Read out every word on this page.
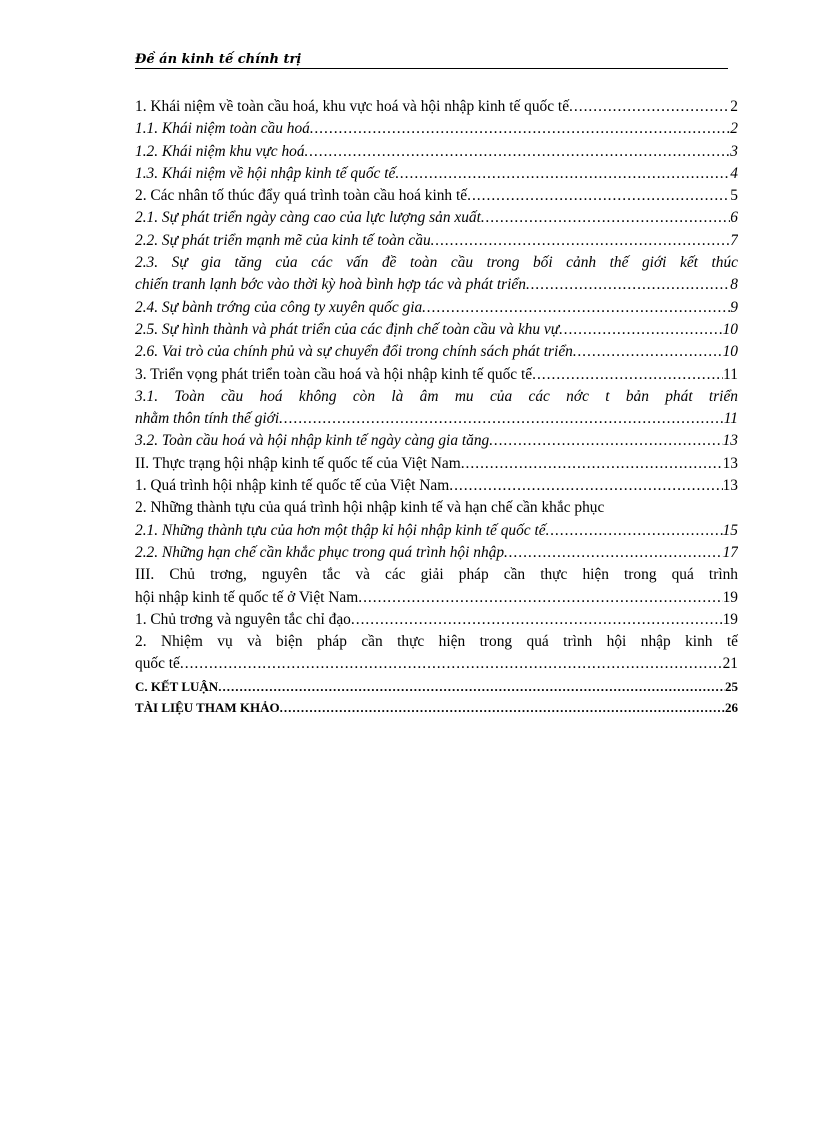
Đề án kinh tế chính trị
1. Khái niệm về toàn cầu hoá, khu vực hoá và hội nhập kinh tế quốc tế .....	2
1.1. Khái niệm toàn cầu hoá .....	2
1.2. Khái niệm khu vực hoá .....	3
1.3. Khái niệm về hội nhập kinh tế quốc tế .....	4
2. Các nhân tố thúc đẩy quá trình toàn cầu hoá kinh tế .....	5
2.1. Sự phát triển ngày càng cao của lực lượng sản xuất .....	6
2.2. Sự phát triển mạnh mẽ của kinh tế toàn cầu .....	7
2.3. Sự gia tăng của các vấn đề toàn cầu trong bối cảnh thế giới kết thúc
chiến tranh lạnh bớc vào thời kỳ hoà bình hợp tác và phát triển .....	8
2.4. Sự bành trớng của công ty xuyên quốc gia .....	9
2.5. Sự hình thành và phát triển của các định chế toàn cầu và khu vự .....	10
2.6. Vai trò của chính phủ và sự chuyển đổi trong chính sách phát triển .....	10
3. Triển vọng phát triển toàn cầu hoá và hội nhập kinh tế quốc tế .....	11
3.1. Toàn cầu hoá không còn là âm mu của các nớc t bản phát triển
nhằm thôn tính thế giới .....	11
3.2. Toàn cầu hoá và hội nhập kinh tế ngày càng gia tăng .....	13
II. Thực trạng hội nhập kinh tế quốc tế của Việt Nam .....	13
1. Quá trình hội nhập kinh tế quốc tế của Việt Nam .....	13
2. Những thành tựu của quá trình hội nhập kinh tế và hạn chế cần khắc phục
2.1. Những thành tựu của hơn một thập kỉ hội nhập kinh tế quốc tế .....	15
2.2. Những hạn chế cần khắc phục trong quá trình hội nhập .....	17
III. Chủ trơng, nguyên tắc và các giải pháp cần thực hiện trong quá trình
hội nhập kinh tế quốc tế ở Việt Nam .....	19
1. Chủ trơng và nguyên tắc chỉ đạo .....	19
2. Nhiệm vụ và biện pháp cần thực hiện trong quá trình hội nhập kinh tế
quốc tế .....	21
C. KẾT LUẬN .....	25
TÀI LIỆU THAM KHẢO .....	26
